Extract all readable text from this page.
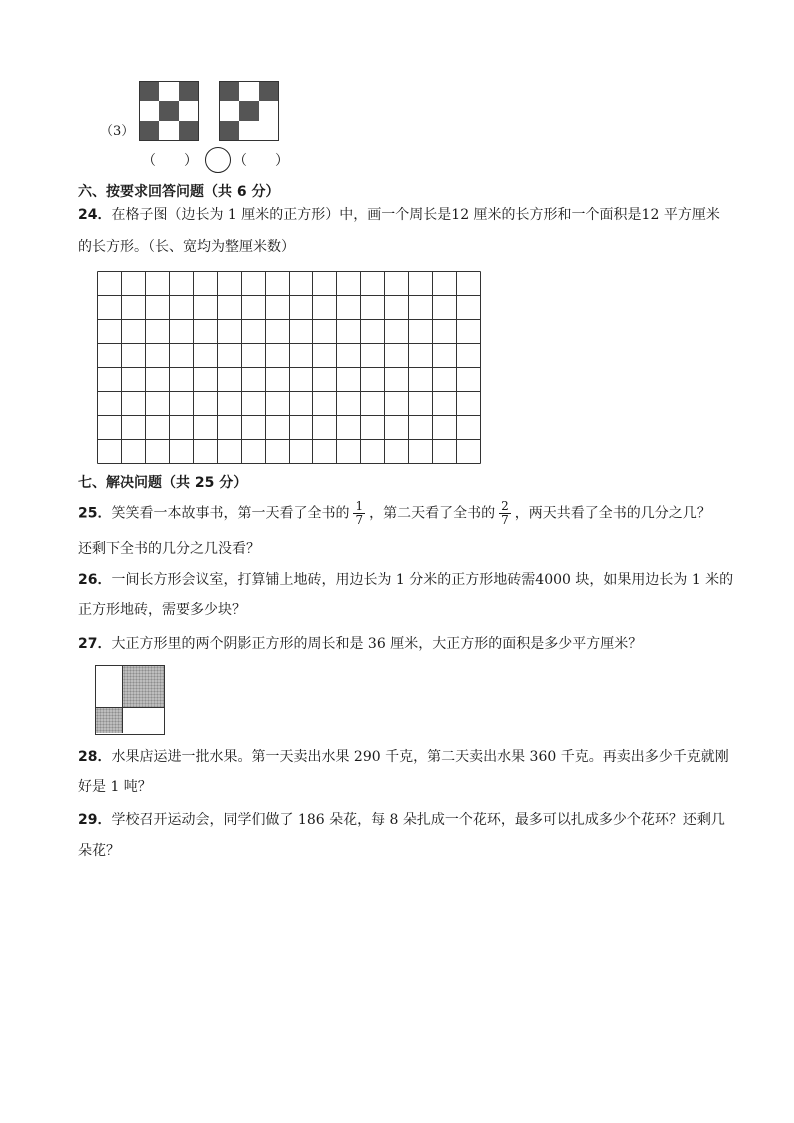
（3）
（　　）	（　　）
六、按要求回答问题（共 6 分）
24．在格子图（边长为 1 厘米的正方形）中，画一个周长是12 厘米的长方形和一个面积是12 平方厘米
的长方形。（长、宽均为整厘米数）
七、解决问题（共 25 分）
25．笑笑看一本故事书，第一天看了全书的 $\frac{1}{7}$ ，第二天看了全书的 $\frac{2}{7}$ ，两天共看了全书的几分之几？
还剩下全书的几分之几没看？
26．一间长方形会议室，打算铺上地砖，用边长为 1 分米的正方形地砖需4000 块，如果用边长为 1 米的
正方形地砖，需要多少块？
27．大正方形里的两个阴影正方形的周长和是 36 厘米，大正方形的面积是多少平方厘米？
28．水果店运进一批水果。第一天卖出水果 290 千克，第二天卖出水果 360 千克。再卖出多少千克就刚
好是 1 吨？
29．学校召开运动会，同学们做了 186 朵花，每 8 朵扎成一个花环，最多可以扎成多少个花环？还剩几
朵花？
